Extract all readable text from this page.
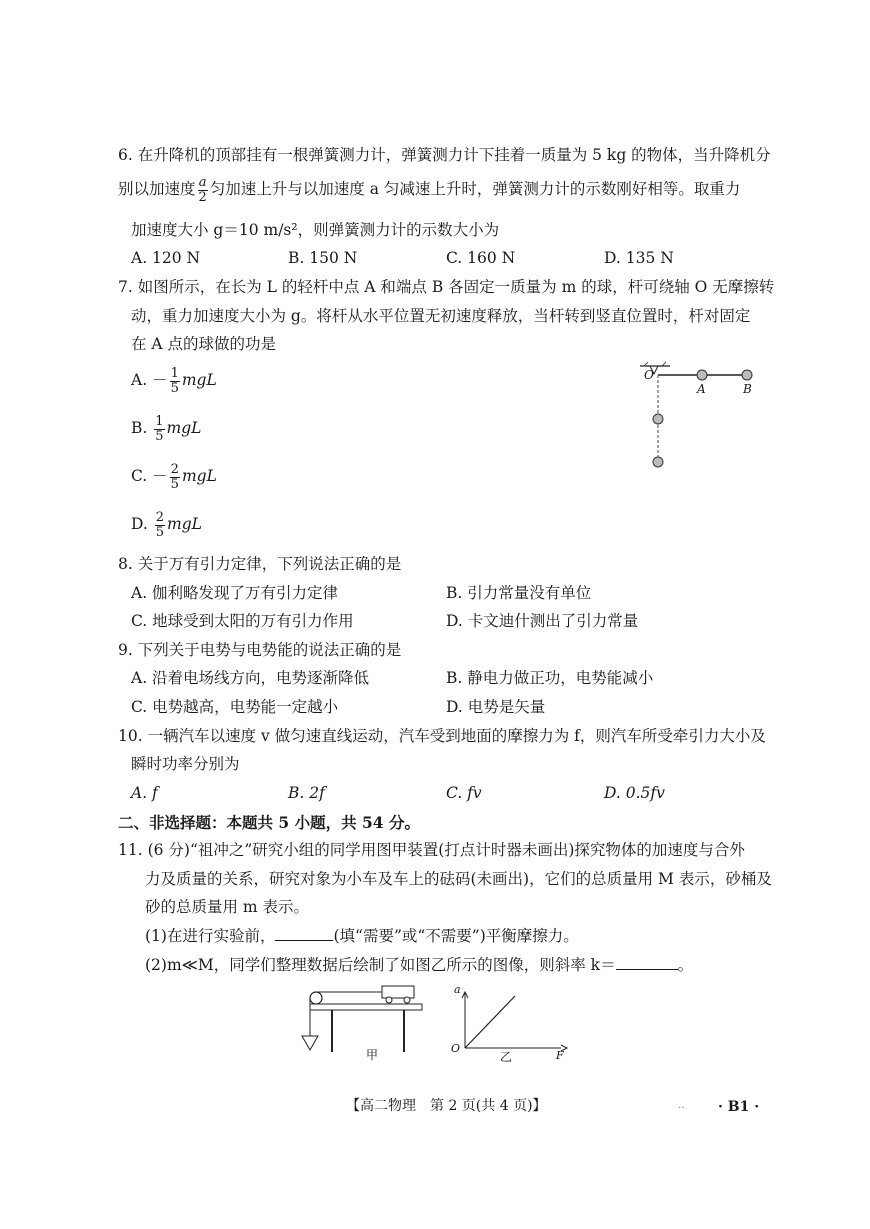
6. 在升降机的顶部挂有一根弹簧测力计，弹簧测力计下挂着一质量为 5 kg 的物体，当升降机分
别以加速度 $\frac{a}{2}$ 匀加速上升与以加速度 a 匀减速上升时，弹簧测力计的示数刚好相等。取重力
加速度大小 g＝10 m/s²，则弹簧测力计的示数大小为
A. 120 N	B. 150 N	C. 160 N	D. 135 N
7. 如图所示，在长为 L 的轻杆中点 A 和端点 B 各固定一质量为 m 的球，杆可绕轴 O 无摩擦转
动，重力加速度大小为 g。将杆从水平位置无初速度释放，当杆转到竖直位置时，杆对固定
在 A 点的球做的功是
A. － $\frac{1}{5}$ mgL
B. $\frac{1}{5}$ mgL
C. － $\frac{2}{5}$ mgL
D. $\frac{2}{5}$ mgL
O
A	B
8. 关于万有引力定律，下列说法正确的是
A. 伽利略发现了万有引力定律	B. 引力常量没有单位
C. 地球受到太阳的万有引力作用	D. 卡文迪什测出了引力常量
9. 下列关于电势与电势能的说法正确的是
A. 沿着电场线方向，电势逐渐降低	B. 静电力做正功，电势能减小
C. 电势越高，电势能一定越小	D. 电势是矢量
10. 一辆汽车以速度 v 做匀速直线运动，汽车受到地面的摩擦力为 f，则汽车所受牵引力大小及
瞬时功率分别为
A. f	B. 2f	C. fv	D. 0.5fv
二、非选择题：本题共 5 小题，共 54 分。
11. (6 分)“祖冲之”研究小组的同学用图甲装置(打点计时器未画出)探究物体的加速度与合外
力及质量的关系，研究对象为小车及车上的砝码(未画出)，它们的总质量用 M 表示，砂桶及
砂的总质量用 m 表示。
(1)在进行实验前，	(填“需要”或“不需要”)平衡摩擦力。
(2)m≪M，同学们整理数据后绘制了如图乙所示的图像，则斜率 k＝	。
甲
a
O
F
乙
【高二物理　第 2 页(共 4 页)】	‥ · B1 ·
